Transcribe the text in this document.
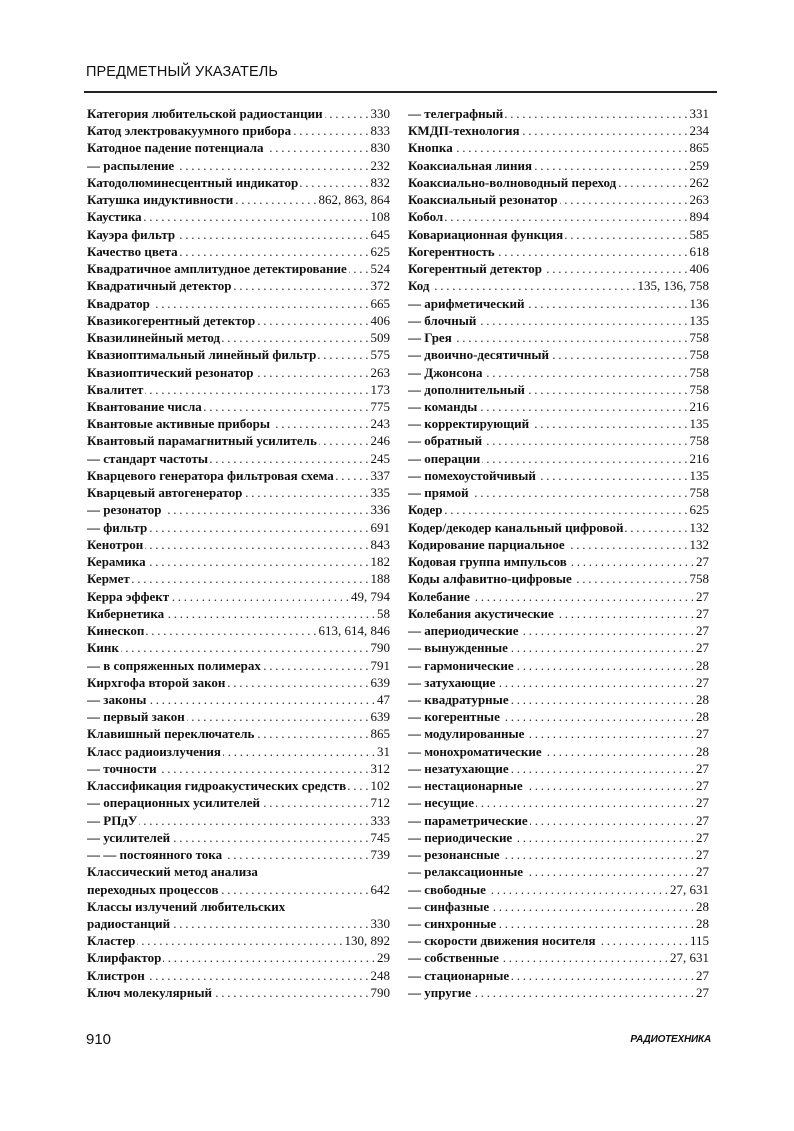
ПРЕДМЕТНЫЙ УКАЗАТЕЛЬ
Категория любительской радиостанции . . .	330
Катод электровакуумного прибора . . .	833
Катодное падение потенциала . . .	830
— распыление . . .	232
Катодолюминесцентный индикатор . . .	832
Катушка индуктивности . . .	862, 863, 864
Каустика . . .	108
Кауэра фильтр . . .	645
Качество цвета . . .	625
Квадратичное амплитудное детектирование . . . 524
Квадратичный детектор . . .	372
Квадратор . . .	665
Квазикогерентный детектор . . .	406
Квазилинейный метод . . .	509
Квазиоптимальный линейный фильтр . . .	575
Квазиоптический резонатор . . .	263
Квалитет . . .	173
Квантование числа . . .	775
Квантовые активные приборы . . .	243
Квантовый парамагнитный усилитель . . .	246
— стандарт частоты . . .	245
Кварцевого генератора фильтровая схема . . .	337
Кварцевый автогенератор . . .	335
— резонатор . . .	336
— фильтр . . .	691
Кенотрон . . .	843
Керамика . . .	182
Кермет . . .	188
Керра эффект . . .	49, 794
Кибернетика . . .	58
Кинескоп . . .	613, 614, 846
Кинк . . .	790
— в сопряженных полимерах . . .	791
Кирхгофа второй закон . . .	639
— законы . . .	47
— первый закон . . .	639
Клавишный переключатель . . .	865
Класс радиоизлучения . . .	31
— точности . . .	312
Классификация гидроакустических средств . . . 102
— операционных усилителей . . .	712
— РПдУ . . .	333
— усилителей . . .	745
— — постоянного тока . . .	739
Классический метод анализа
переходных процессов . . .	642
Классы излучений любительских
радиостанций . . .	330
Кластер . . .	130, 892
Клирфактор . . .	29
Клистрон . . .	248
Ключ молекулярный . . .	790
— телеграфный . . .	331
КМДП-технология . . .	234
Кнопка . . .	865
Коаксиальная линия . . .	259
Коаксиально-волноводный переход . . .	262
Коаксиальный резонатор . . .	263
Кобол . . .	894
Ковариационная функция . . .	585
Когерентность . . .	618
Когерентный детектор . . .	406
Код . . .	135, 136, 758
— арифметический . . .	136
— блочный . . .	135
— Грея . . .	758
— двоично-десятичный . . .	758
— Джонсона . . .	758
— дополнительный . . .	758
— команды . . .	216
— корректирующий . . .	135
— обратный . . .	758
— операции . . .	216
— помехоустойчивый . . .	135
— прямой . . .	758
Кодер . . .	625
Кодер/декодер канальный цифровой . . .	132
Кодирование парциальное . . .	132
Кодовая группа импульсов . . .	27
Коды алфавитно-цифровые . . .	758
Колебание . . .	27
Колебания акустические . . .	27
— апериодические . . .	27
— вынужденные . . .	27
— гармонические . . .	28
— затухающие . . .	27
— квадратурные . . .	28
— когерентные . . .	28
— модулированные . . .	27
— монохроматические . . .	28
— незатухающие . . .	27
— нестационарные . . .	27
— несущие . . .	27
— параметрические . . .	27
— периодические . . .	27
— резонансные . . .	27
— релаксационные . . .	27
— свободные . . .	27, 631
— синфазные . . .	28
— синхронные . . .	28
— скорости движения носителя . . .	115
— собственные . . .	27, 631
— стационарные . . .	27
— упругие . . .	27
910	РАДИОТЕХНИКА
